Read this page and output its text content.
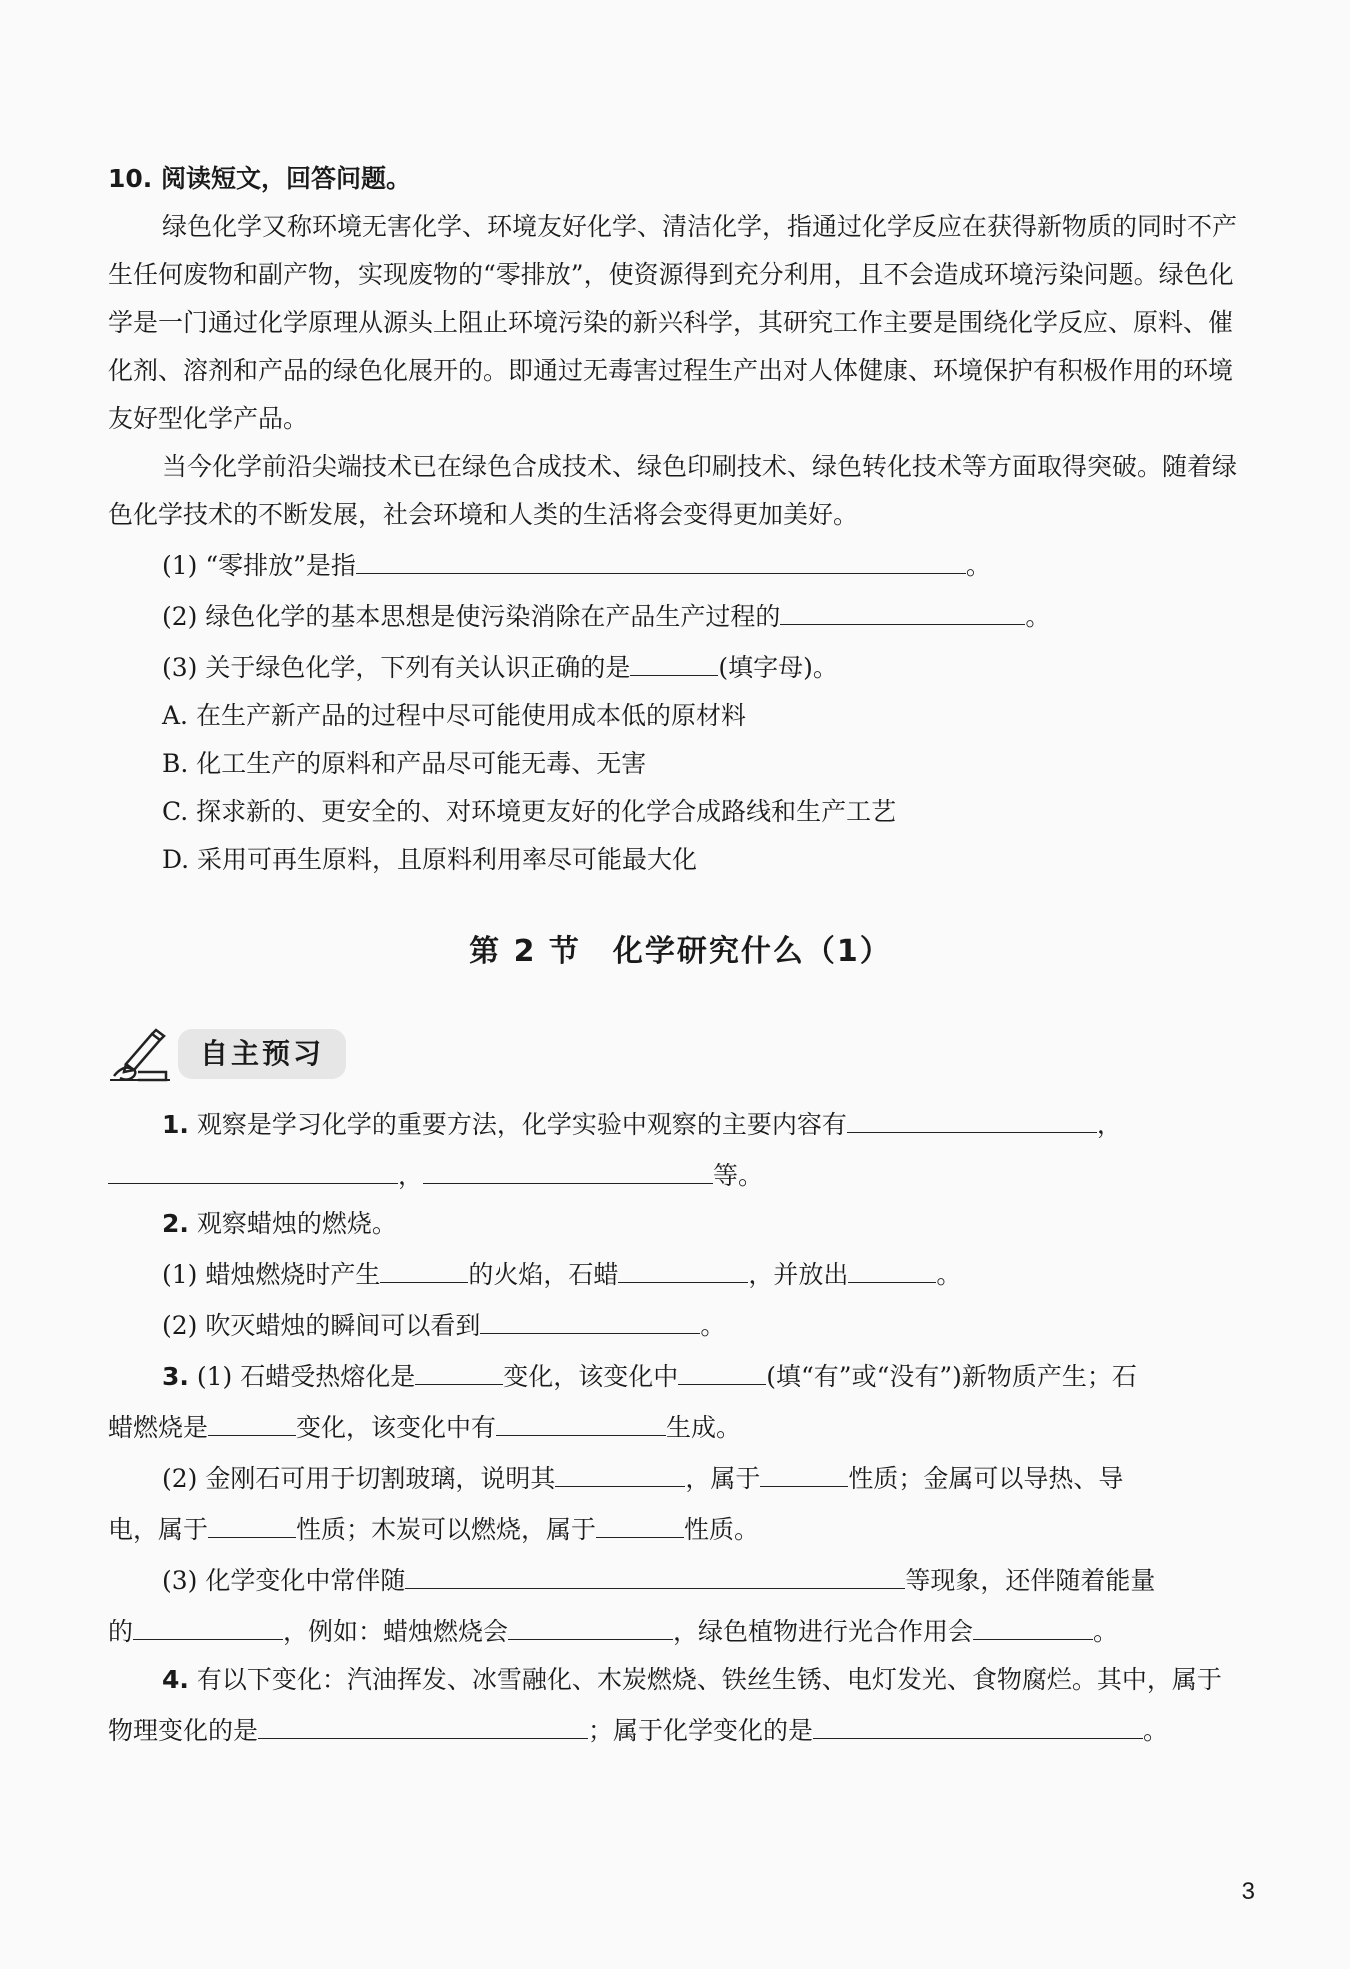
10. 阅读短文，回答问题。

绿色化学又称环境无害化学、环境友好化学、清洁化学，指通过化学反应在获得新物质的同时不产生任何废物和副产物，实现废物的“零排放”，使资源得到充分利用，且不会造成环境污染问题。绿色化学是一门通过化学原理从源头上阻止环境污染的新兴科学，其研究工作主要是围绕化学反应、原料、催化剂、溶剂和产品的绿色化展开的。即通过无毒害过程生产出对人体健康、环境保护有积极作用的环境友好型化学产品。

当今化学前沿尖端技术已在绿色合成技术、绿色印刷技术、绿色转化技术等方面取得突破。随着绿色化学技术的不断发展，社会环境和人类的生活将会变得更加美好。

(1) “零排放”是指	。

(2) 绿色化学的基本思想是使污染消除在产品生产过程的	。

(3) 关于绿色化学，下列有关认识正确的是	(填字母)。

A. 在生产新产品的过程中尽可能使用成本低的原材料

B. 化工生产的原料和产品尽可能无毒、无害

C. 探求新的、更安全的、对环境更友好的化学合成路线和生产工艺

D. 采用可再生原料，且原料利用率尽可能最大化

第 2 节　化学研究什么（1）
自主预习

1. 观察是学习化学的重要方法，化学实验中观察的主要内容有	，

，	等。

2. 观察蜡烛的燃烧。

(1) 蜡烛燃烧时产生	的火焰，石蜡	，并放出	。

(2) 吹灭蜡烛的瞬间可以看到	。

3. (1) 石蜡受热熔化是	变化，该变化中	(填“有”或“没有”)新物质产生；石

蜡燃烧是	变化，该变化中有	生成。

(2) 金刚石可用于切割玻璃，说明其	，属于	性质；金属可以导热、导

电，属于	性质；木炭可以燃烧，属于	性质。

(3) 化学变化中常伴随	等现象，还伴随着能量

的	，例如：蜡烛燃烧会	，绿色植物进行光合作用会	。

4. 有以下变化：汽油挥发、冰雪融化、木炭燃烧、铁丝生锈、电灯发光、食物腐烂。其中，属于

物理变化的是	；属于化学变化的是	。

3
